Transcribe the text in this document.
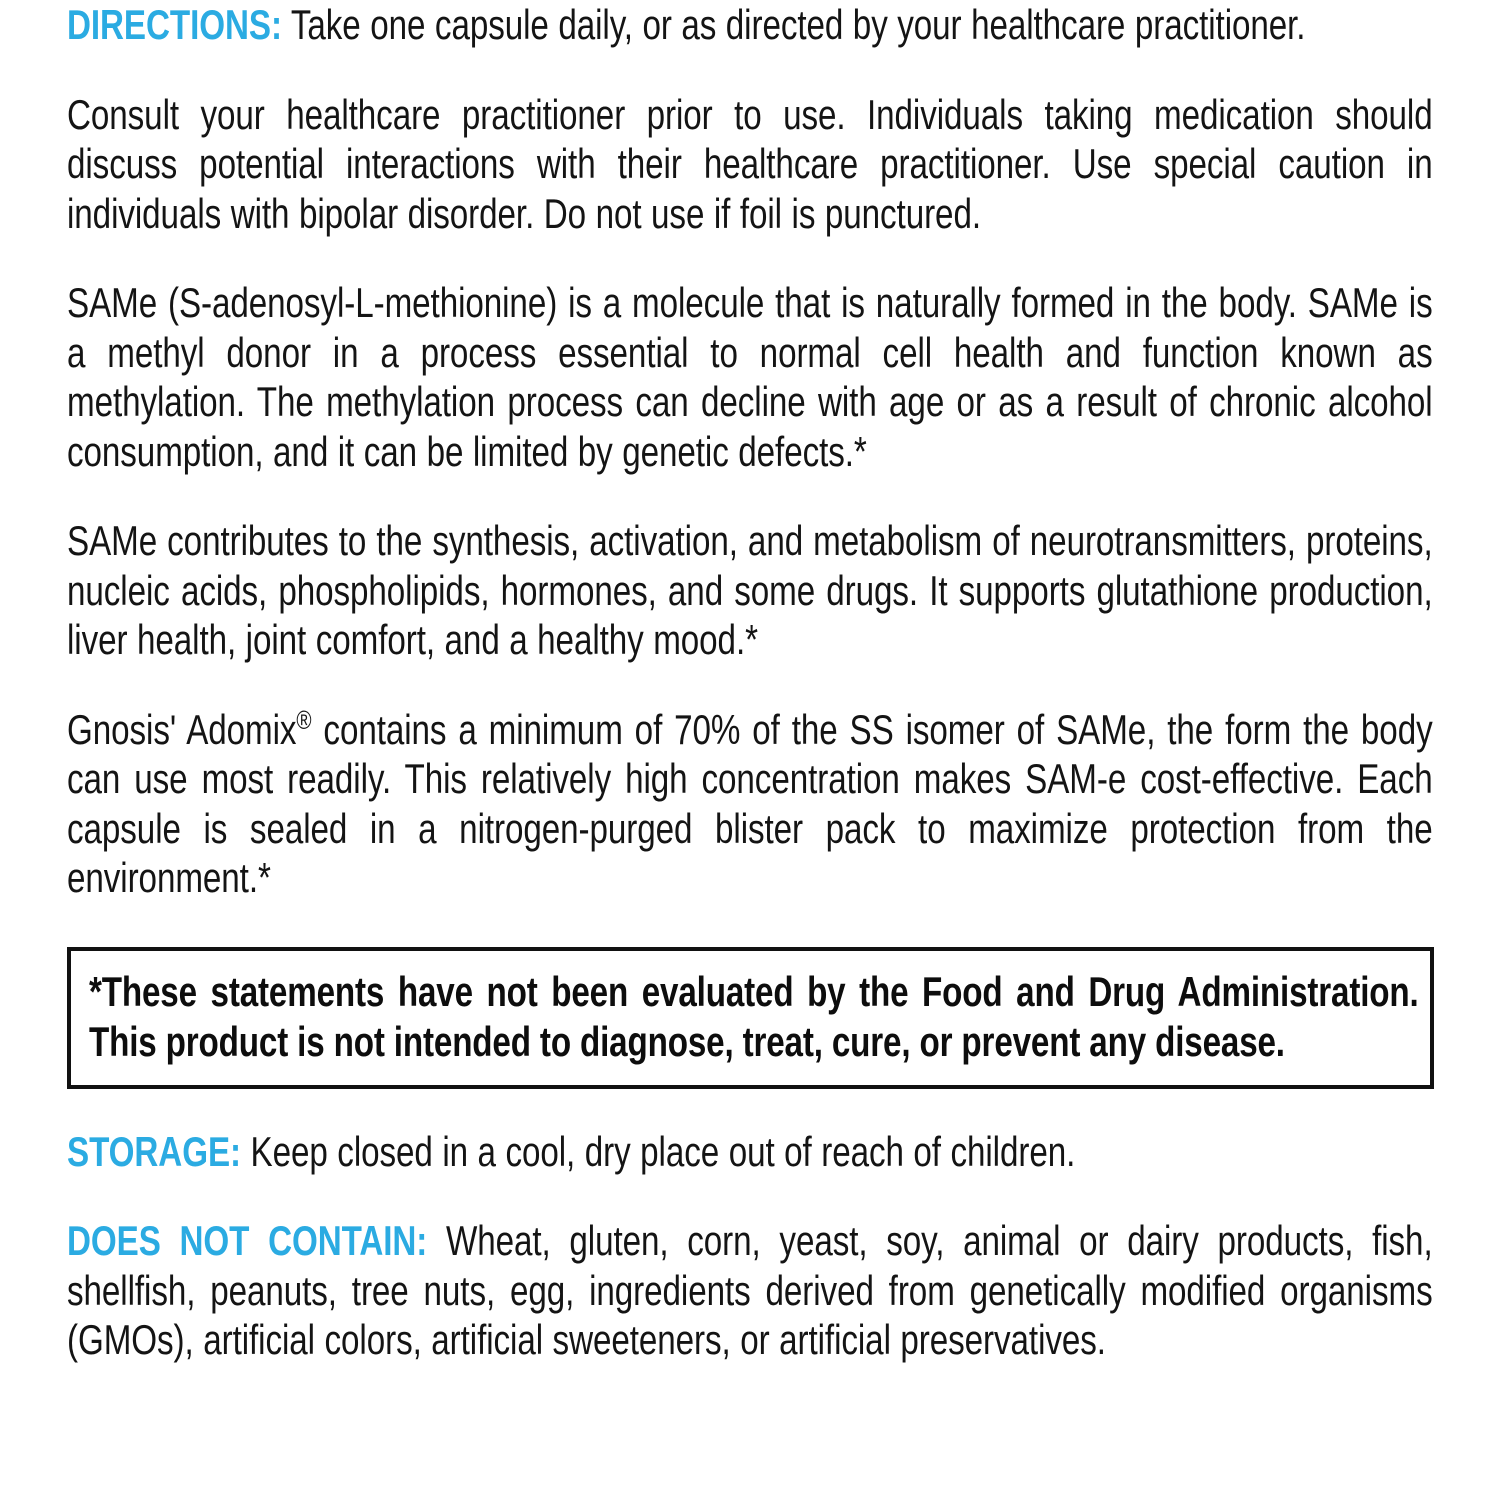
DIRECTIONS: Take one capsule daily, or as directed by your healthcare practitioner.

Consult your healthcare practitioner prior to use. Individuals taking medication should discuss potential interactions with their healthcare practitioner. Use special caution in individuals with bipolar disorder. Do not use if foil is punctured.

SAMe (S-adenosyl-L-methionine) is a molecule that is naturally formed in the body. SAMe is a methyl donor in a process essential to normal cell health and function known as methylation. The methylation process can decline with age or as a result of chronic alcohol consumption, and it can be limited by genetic defects.*

SAMe contributes to the synthesis, activation, and metabolism of neurotransmitters, proteins, nucleic acids, phospholipids, hormones, and some drugs. It supports glutathione production, liver health, joint comfort, and a healthy mood.*

Gnosis' Adomix® contains a minimum of 70% of the SS isomer of SAMe, the form the body can use most readily. This relatively high concentration makes SAM-e cost-effective. Each capsule is sealed in a nitrogen-purged blister pack to maximize protection from the environment.*

*These statements have not been evaluated by the Food and Drug Administration. This product is not intended to diagnose, treat, cure, or prevent any disease.

STORAGE: Keep closed in a cool, dry place out of reach of children.

DOES NOT CONTAIN: Wheat, gluten, corn, yeast, soy, animal or dairy products, fish, shellfish, peanuts, tree nuts, egg, ingredients derived from genetically modified organisms (GMOs), artificial colors, artificial sweeteners, or artificial preservatives.
